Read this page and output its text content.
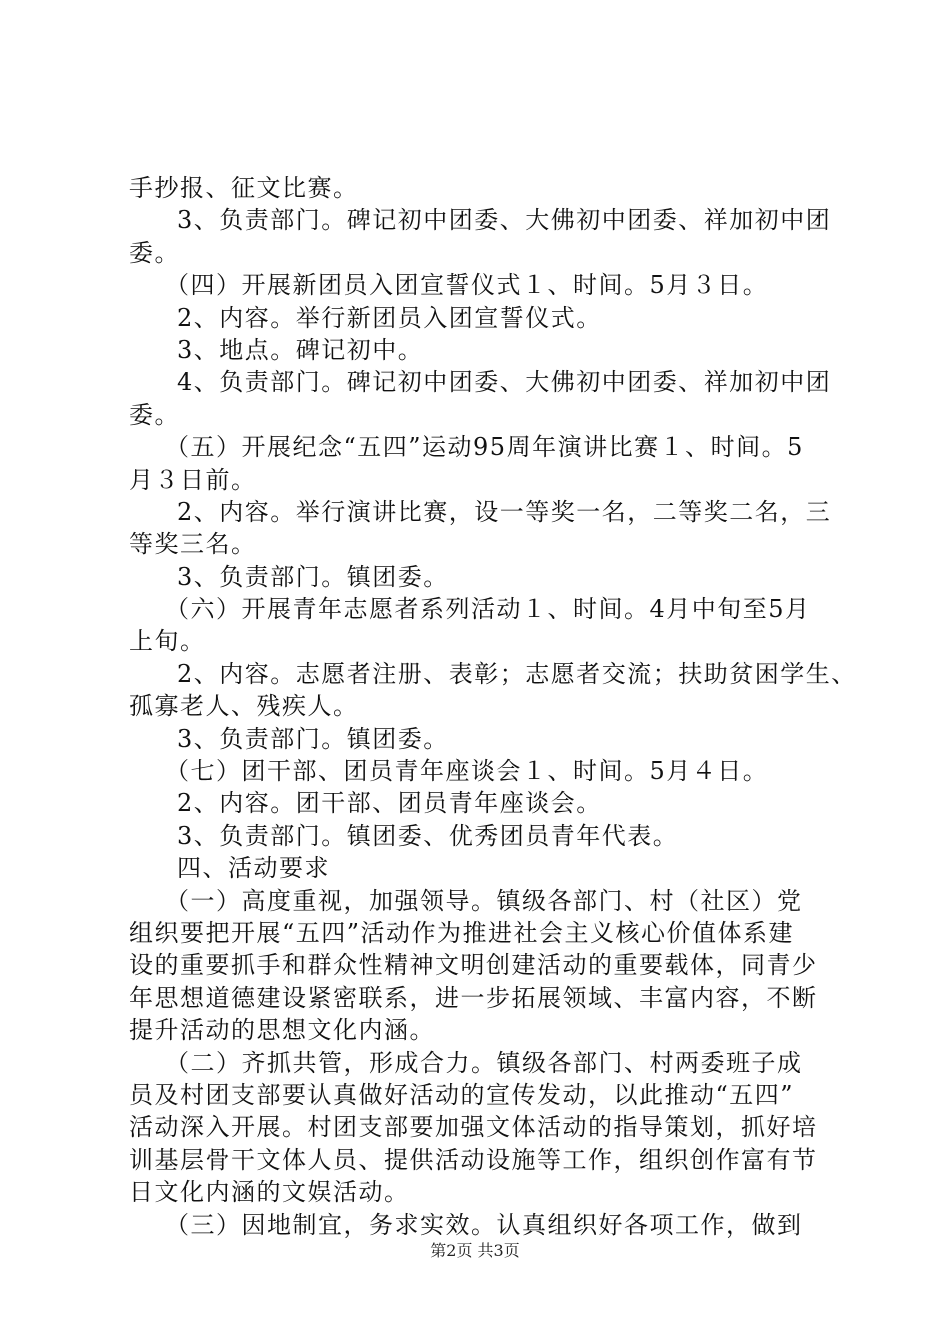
手抄报、征文比赛。
3、负责部门。碑记初中团委、大佛初中团委、祥加初中团
委。
（四）开展新团员入团宣誓仪式１、时间。5月３日。
2、内容。举行新团员入团宣誓仪式。
3、地点。碑记初中。
4、负责部门。碑记初中团委、大佛初中团委、祥加初中团
委。
（五）开展纪念“五四”运动95周年演讲比赛１、时间。5
月３日前。
2、内容。举行演讲比赛，设一等奖一名，二等奖二名，三
等奖三名。
3、负责部门。镇团委。
（六）开展青年志愿者系列活动１、时间。4月中旬至5月
上旬。
2、内容。志愿者注册、表彰；志愿者交流；扶助贫困学生、
孤寡老人、残疾人。
3、负责部门。镇团委。
（七）团干部、团员青年座谈会１、时间。5月４日。
2、内容。团干部、团员青年座谈会。
3、负责部门。镇团委、优秀团员青年代表。
四、活动要求
（一）高度重视，加强领导。镇级各部门、村（社区）党
组织要把开展“五四”活动作为推进社会主义核心价值体系建
设的重要抓手和群众性精神文明创建活动的重要载体，同青少
年思想道德建设紧密联系，进一步拓展领域、丰富内容，不断
提升活动的思想文化内涵。
（二）齐抓共管，形成合力。镇级各部门、村两委班子成
员及村团支部要认真做好活动的宣传发动，以此推动“五四”
活动深入开展。村团支部要加强文体活动的指导策划，抓好培
训基层骨干文体人员、提供活动设施等工作，组织创作富有节
日文化内涵的文娱活动。
（三）因地制宜，务求实效。认真组织好各项工作，做到
第2页 共3页
